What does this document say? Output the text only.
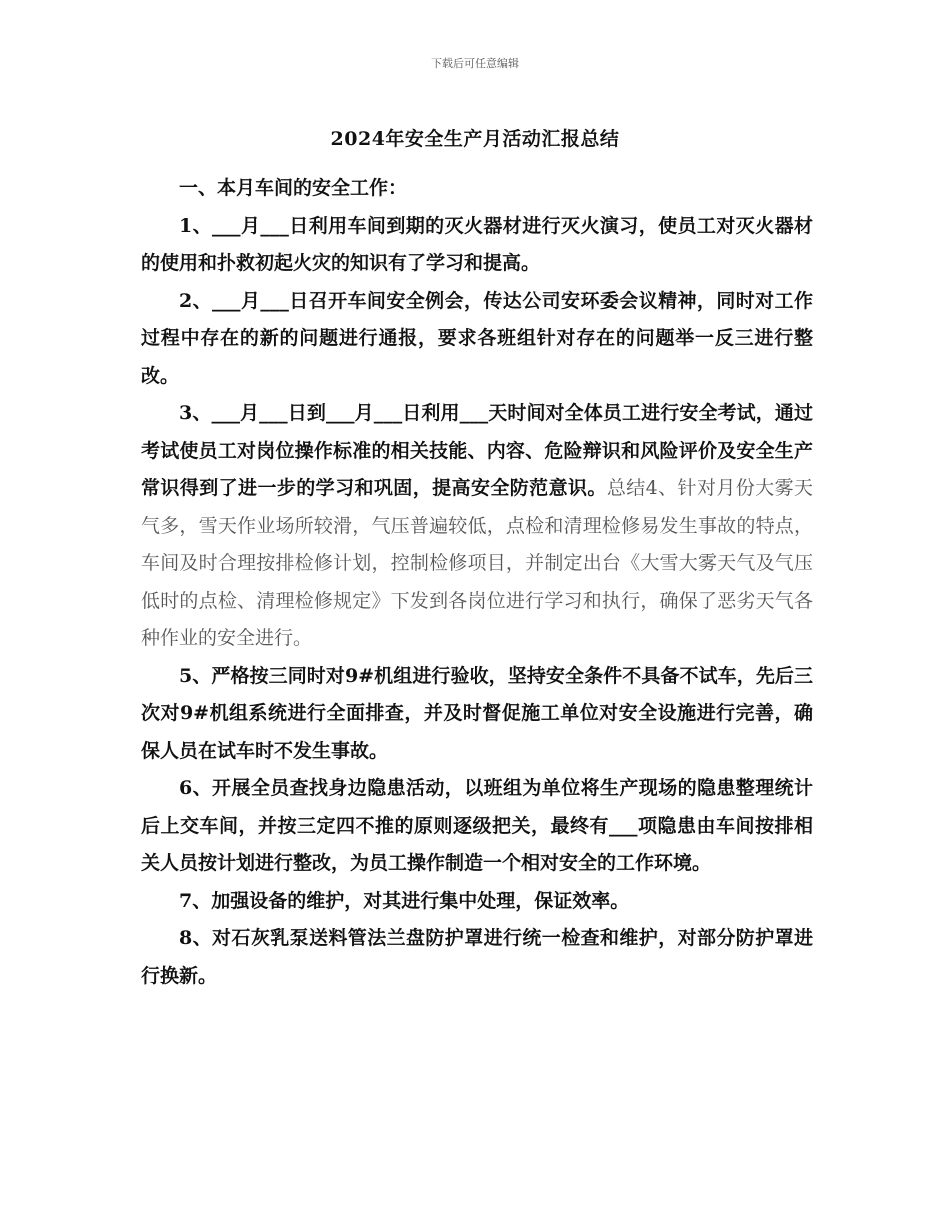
下载后可任意编辑
2024年安全生产月活动汇报总结

一、本月车间的安全工作：

1、___月___日利用车间到期的灭火器材进行灭火演习，使员工对灭火器材的使用和扑救初起火灾的知识有了学习和提高。

2、___月___日召开车间安全例会，传达公司安环委会议精神，同时对工作过程中存在的新的问题进行通报，要求各班组针对存在的问题举一反三进行整改。

3、___月___日到___月___日利用___天时间对全体员工进行安全考试，通过考试使员工对岗位操作标准的相关技能、内容、危险辩识和风险评价及安全生产常识得到了进一步的学习和巩固，提高安全防范意识。总结4、针对月份大雾天气多，雪天作业场所较滑，气压普遍较低，点检和清理检修易发生事故的特点，车间及时合理按排检修计划，控制检修项目，并制定出台《大雪大雾天气及气压低时的点检、清理检修规定》下发到各岗位进行学习和执行，确保了恶劣天气各种作业的安全进行。

5、严格按三同时对9#机组进行验收，坚持安全条件不具备不试车，先后三次对9#机组系统进行全面排查，并及时督促施工单位对安全设施进行完善，确保人员在试车时不发生事故。

6、开展全员查找身边隐患活动，以班组为单位将生产现场的隐患整理统计后上交车间，并按三定四不推的原则逐级把关，最终有___项隐患由车间按排相关人员按计划进行整改，为员工操作制造一个相对安全的工作环境。

7、加强设备的维护，对其进行集中处理，保证效率。

8、对石灰乳泵送料管法兰盘防护罩进行统一检查和维护，对部分防护罩进行换新。
